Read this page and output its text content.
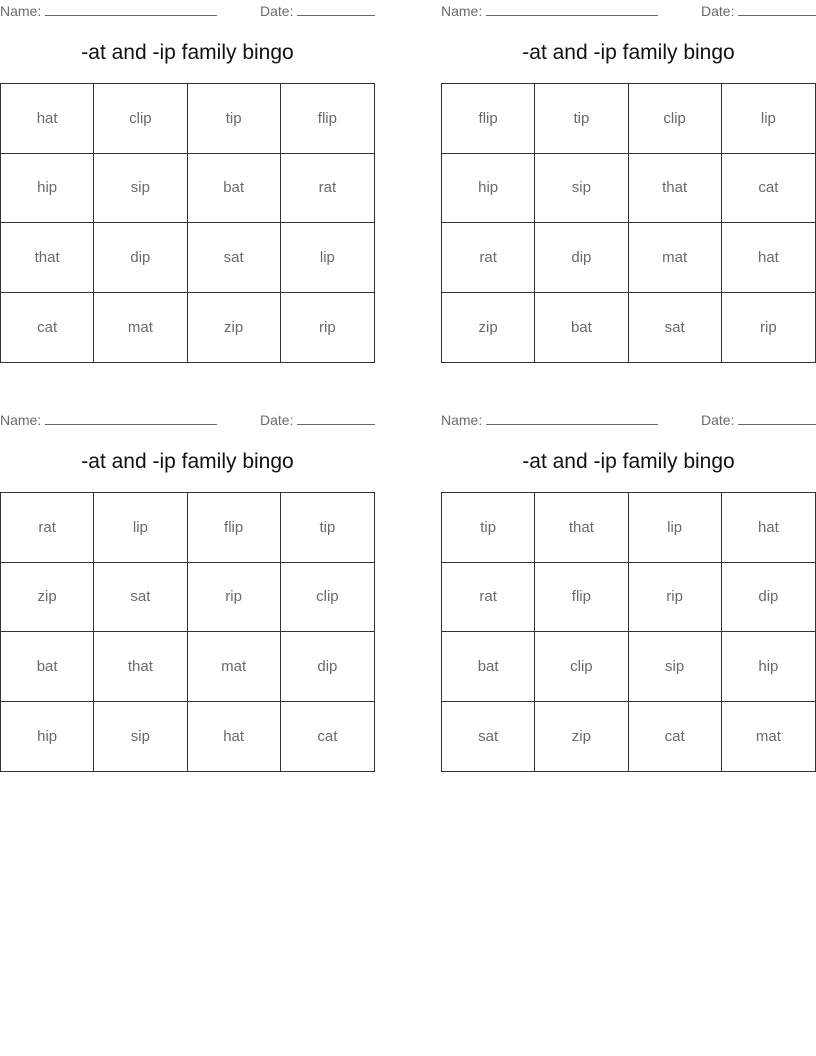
Name:	Date:
-at and -ip family bingo
hat	clip	tip	flip
hip	sip	bat	rat
that	dip	sat	lip
cat	mat	zip	rip
Name:	Date:
-at and -ip family bingo
flip	tip	clip	lip
hip	sip	that	cat
rat	dip	mat	hat
zip	bat	sat	rip
Name:	Date:
-at and -ip family bingo
rat	lip	flip	tip
zip	sat	rip	clip
bat	that	mat	dip
hip	sip	hat	cat
Name:	Date:
-at and -ip family bingo
tip	that	lip	hat
rat	flip	rip	dip
bat	clip	sip	hip
sat	zip	cat	mat
